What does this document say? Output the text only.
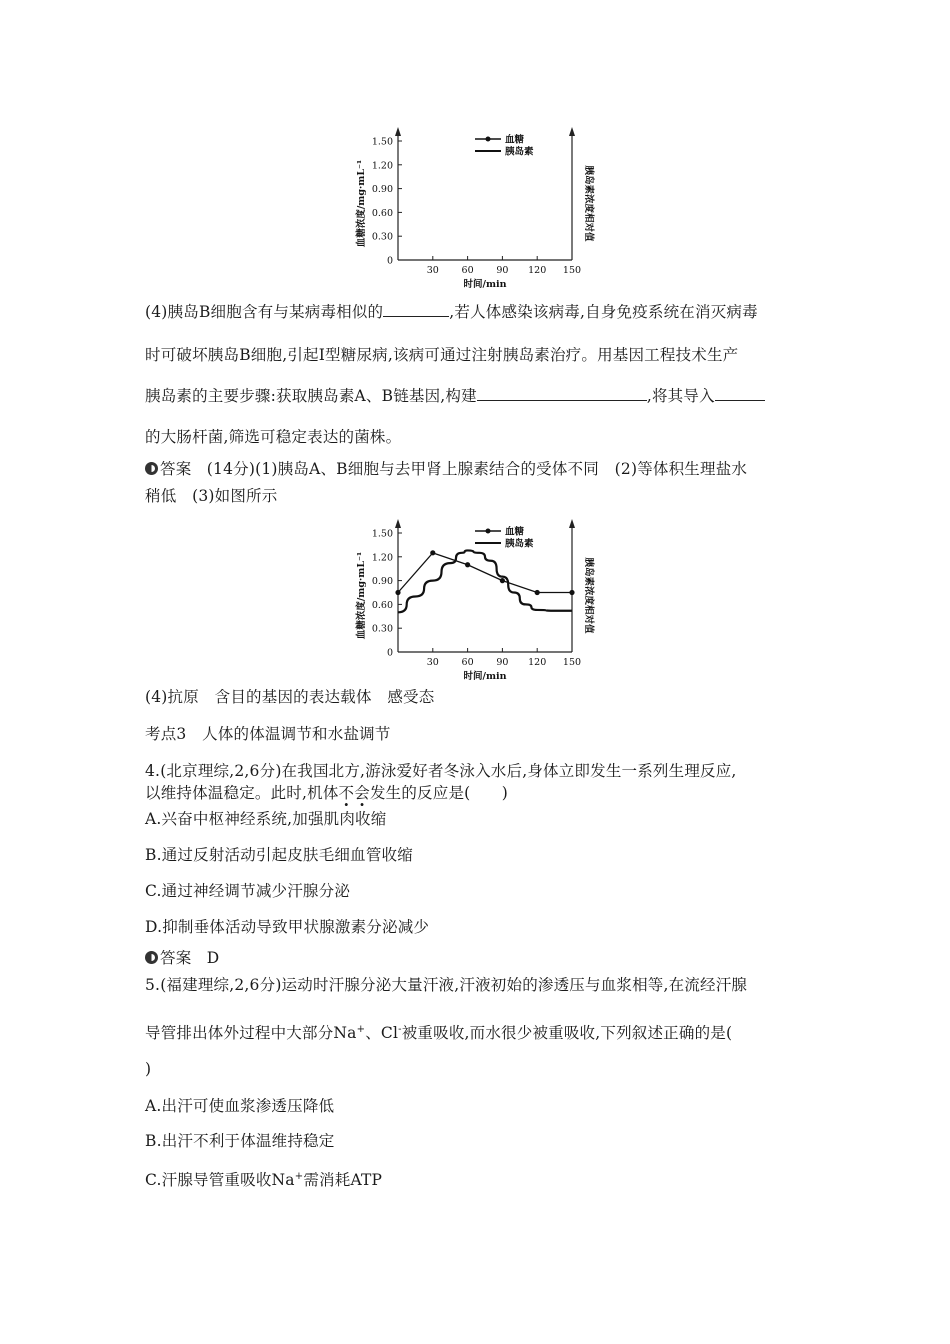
0
0.30
0.60
0.90
1.20
1.50
30 60 90 120 150
时间/min
血糖浓度/mg·mL⁻¹	胰岛素浓度相对值
血糖
胰岛素

(4)胰岛B细胞含有与某病毒相似的	,若人体感染该病毒,自身免疫系统在消灭病毒

时可破坏胰岛B细胞,引起Ⅰ型糖尿病,该病可通过注射胰岛素治疗。用基因工程技术生产

胰岛素的主要步骤:获取胰岛素A、B链基因,构建	,将其导入

的大肠杆菌,筛选可稳定表达的菌株。

答案 (14分)(1)胰岛A、B细胞与去甲肾上腺素结合的受体不同　(2)等体积生理盐水

稍低　(3)如图所示

0
0.30
0.60
0.90
1.20
1.50
30 60 90 120 150
时间/min
血糖浓度/mg·mL⁻¹	胰岛素浓度相对值
血糖
胰岛素

(4)抗原　含目的基因的表达载体　感受态

考点3　人体的体温调节和水盐调节

4.(北京理综,2,6分)在我国北方,游泳爱好者冬泳入水后,身体立即发生一系列生理反应,

以维持体温稳定。此时,机体不会发生的反应是(　　)

A.兴奋中枢神经系统,加强肌肉收缩

B.通过反射活动引起皮肤毛细血管收缩

C.通过神经调节减少汗腺分泌

D.抑制垂体活动导致甲状腺激素分泌减少

答案 D

5.(福建理综,2,6分)运动时汗腺分泌大量汗液,汗液初始的渗透压与血浆相等,在流经汗腺

导管排出体外过程中大部分Na+、Cl-被重吸收,而水很少被重吸收,下列叙述正确的是(

)

A.出汗可使血浆渗透压降低

B.出汗不利于体温维持稳定

C.汗腺导管重吸收Na+需消耗ATP
